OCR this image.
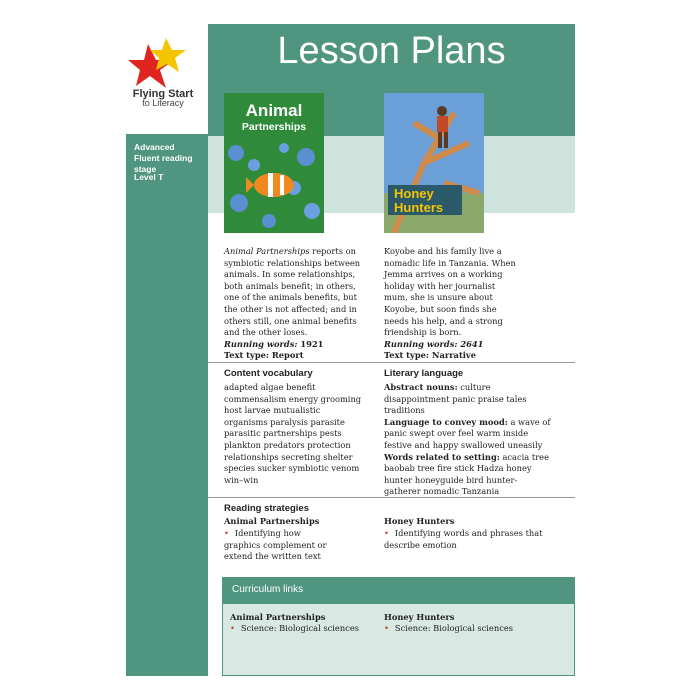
Lesson Plans
Flying Start
to Literacy
Advanced Fluent reading stage
Level T
Animal
Partnerships
Honey
Hunters
Animal Partnerships reports on symbiotic relationships between animals. In some relationships, both animals benefit; in others, one of the animals benefits, but the other is not affected; and in others still, one animal benefits and the other loses.
Running words: 1921
Text type: Report
Koyobe and his family live a nomadic life in Tanzania. When Jemma arrives on a working holiday with her journalist mum, she is unsure about Koyobe, but soon finds she needs his help, and a strong friendship is born.
Running words: 2641
Text type: Narrative
Content vocabulary
adapted algae benefit commensalism energy grooming host larvae mutualistic organisms paralysis parasite parasitic partnerships pests plankton predators protection relationships secreting shelter species sucker symbiotic venom win–win
Literary language
Abstract nouns: culture disappointment panic praise tales traditions
Language to convey mood: a wave of panic swept over feel warm inside festive and happy swallowed uneasily
Words related to setting: acacia tree baobab tree fire stick Hadza honey hunter honeyguide bird hunter-gatherer nomadic Tanzania
Reading strategies
Animal Partnerships
• Identifying how graphics complement or extend the written text
Honey Hunters
• Identifying words and phrases that describe emotion
Curriculum links
Animal Partnerships
• Science: Biological sciences
Honey Hunters
• Science: Biological sciences
